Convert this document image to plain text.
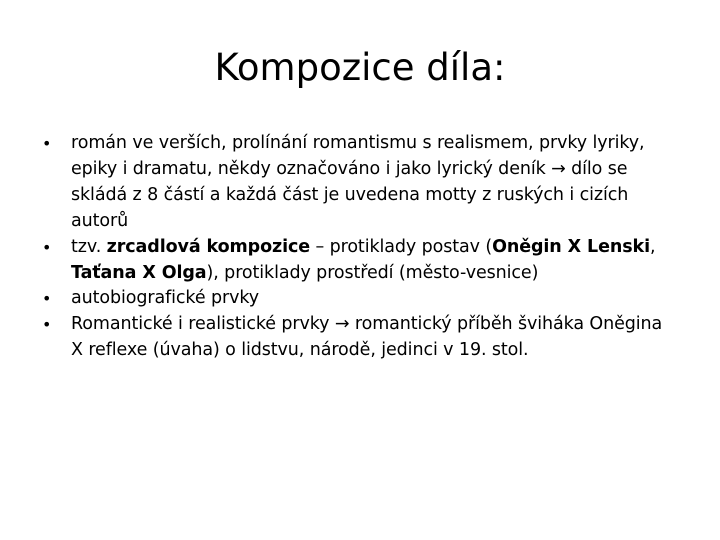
Kompozice díla:
• román ve verších, prolínání romantismu s realismem, prvky lyriky, epiky i dramatu, někdy označováno i jako lyrický deník → dílo se skládá z 8 částí a každá část je uvedena motty z ruských i cizích autorů
• tzv. zrcadlová kompozice – protiklady postav (Oněgin X Lenski, Taťana X Olga), protiklady prostředí (město-vesnice)
• autobiografické prvky
• Romantické i realistické prvky → romantický příběh šviháka Oněgina X reflexe (úvaha) o lidstvu, národě, jedinci v 19. stol.
